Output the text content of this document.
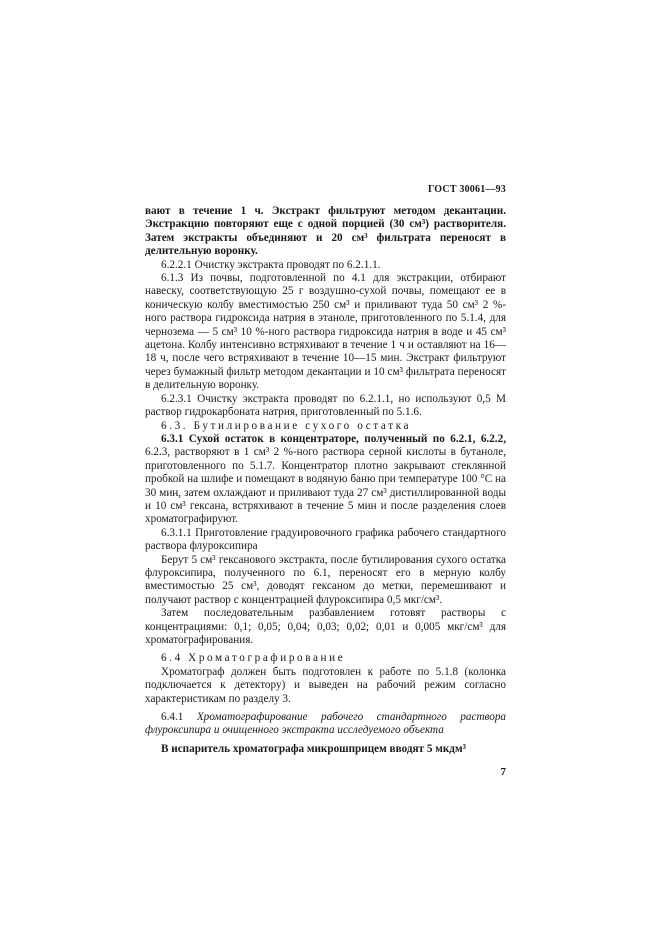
ГОСТ 30061—93

вают в течение 1 ч. Экстракт фильтруют методом декантации. Экстракцию повторяют еще с одной порцией (30 см³) растворителя. Затем экстракты объединяют и 20 см³ фильтрата переносят в делительную воронку.

6.2.2.1 Очистку экстракта проводят по 6.2.1.1.

6.1.3 Из почвы, подготовленной по 4.1 для экстракции, отбирают навеску, соответствующую 25 г воздушно-сухой почвы, помещают ее в коническую колбу вместимостью 250 см³ и приливают туда 50 см³ 2 %-ного раствора гидроксида натрия в этаноле, приготовленного по 5.1.4, для чернозема — 5 см³ 10 %-ного раствора гидроксида натрия в воде и 45 см³ ацетона. Колбу интенсивно встряхивают в течение 1 ч и оставляют на 16—18 ч, после чего встряхивают в течение 10—15 мин. Экстракт фильтруют через бумажный фильтр методом декантации и 10 см³ фильтрата переносят в делительную воронку.

6.2.3.1 Очистку экстракта проводят по 6.2.1.1, но используют 0,5 М раствор гидрокарбоната натрия, приготовленный по 5.1.6.

6.3. Бутилирование сухого остатка

6.3.1 Сухой остаток в концентраторе, полученный по 6.2.1, 6.2.2, 6.2.3, растворяют в 1 см³ 2 %-ного раствора серной кислоты в бутаноле, приготовленного по 5.1.7. Концентратор плотно закрывают стеклянной пробкой на шлифе и помещают в водяную баню при температуре 100 °С на 30 мин, затем охлаждают и приливают туда 27 см³ дистиллированной воды и 10 см³ гексана, встряхивают в течение 5 мин и после разделения слоев хроматографируют.

6.3.1.1 Приготовление градуировочного графика рабочего стандартного раствора флуроксипира

Берут 5 см³ гексанового экстракта, после бутилирования сухого остатка флуроксипира, полученного по 6.1, переносят его в мерную колбу вместимостью 25 см³, доводят гексаном до метки, перемешивают и получают раствор с концентрацией флуроксипира 0,5 мкг/см³.

Затем последовательным разбавлением готовят растворы с концентрациями: 0,1; 0,05; 0,04; 0,03; 0,02; 0,01 и 0,005 мкг/см³ для хроматографирования.

6.4 Хроматографирование

Хроматограф должен быть подготовлен к работе по 5.1.8 (колонка подключается к детектору) и выведен на рабочий режим согласно характеристикам по разделу 3.

6.4.1 Хроматографирование рабочего стандартного раствора флуроксипира и очищенного экстракта исследуемого объекта

В испаритель хроматографа микрошприцем вводят 5 мкдм³

7
